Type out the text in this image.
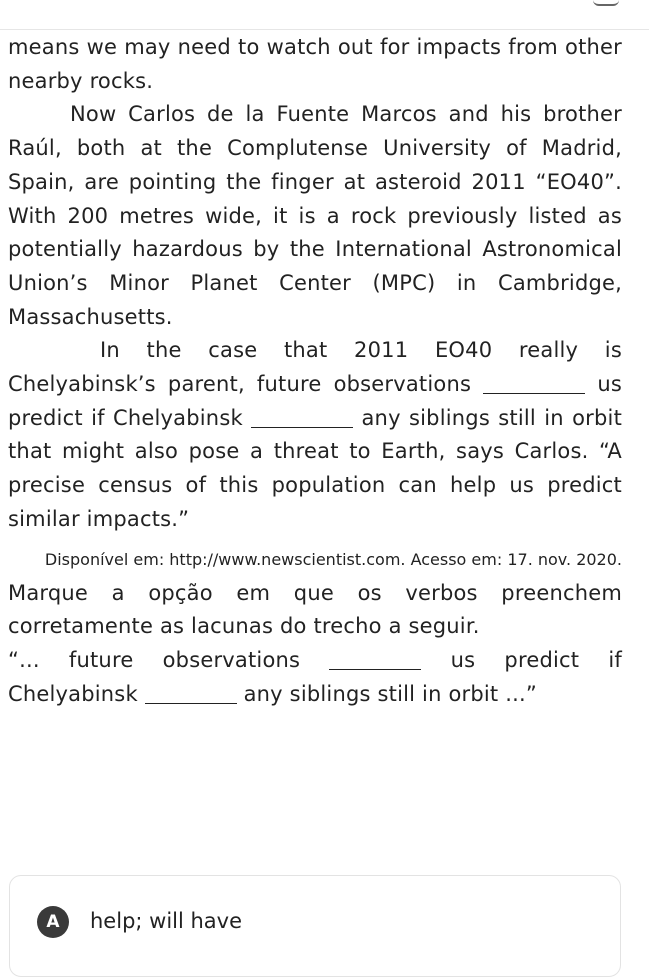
means we may need to watch out for impacts from other nearby rocks.

Now Carlos de la Fuente Marcos and his brother Raúl, both at the Complutense University of Madrid, Spain, are pointing the finger at asteroid 2011 “EO40”. With 200 metres wide, it is a rock previously listed as potentially hazardous by the International Astronomical Union’s Minor Planet Center (MPC) in Cambridge, Massachusetts.

In the case that 2011 EO40 really is Chelyabinsk’s parent, future observations	us predict if Chelyabinsk	any siblings still in orbit that might also pose a threat to Earth, says Carlos. “A precise census of this population can help us predict similar impacts.”

Disponível em: http://www.newscientist.com. Acesso em: 17. nov. 2020.

Marque a opção em que os verbos preenchem corretamente as lacunas do trecho a seguir.

“... future observations	us predict if Chelyabinsk	any siblings still in orbit ...”

A	help; will have
